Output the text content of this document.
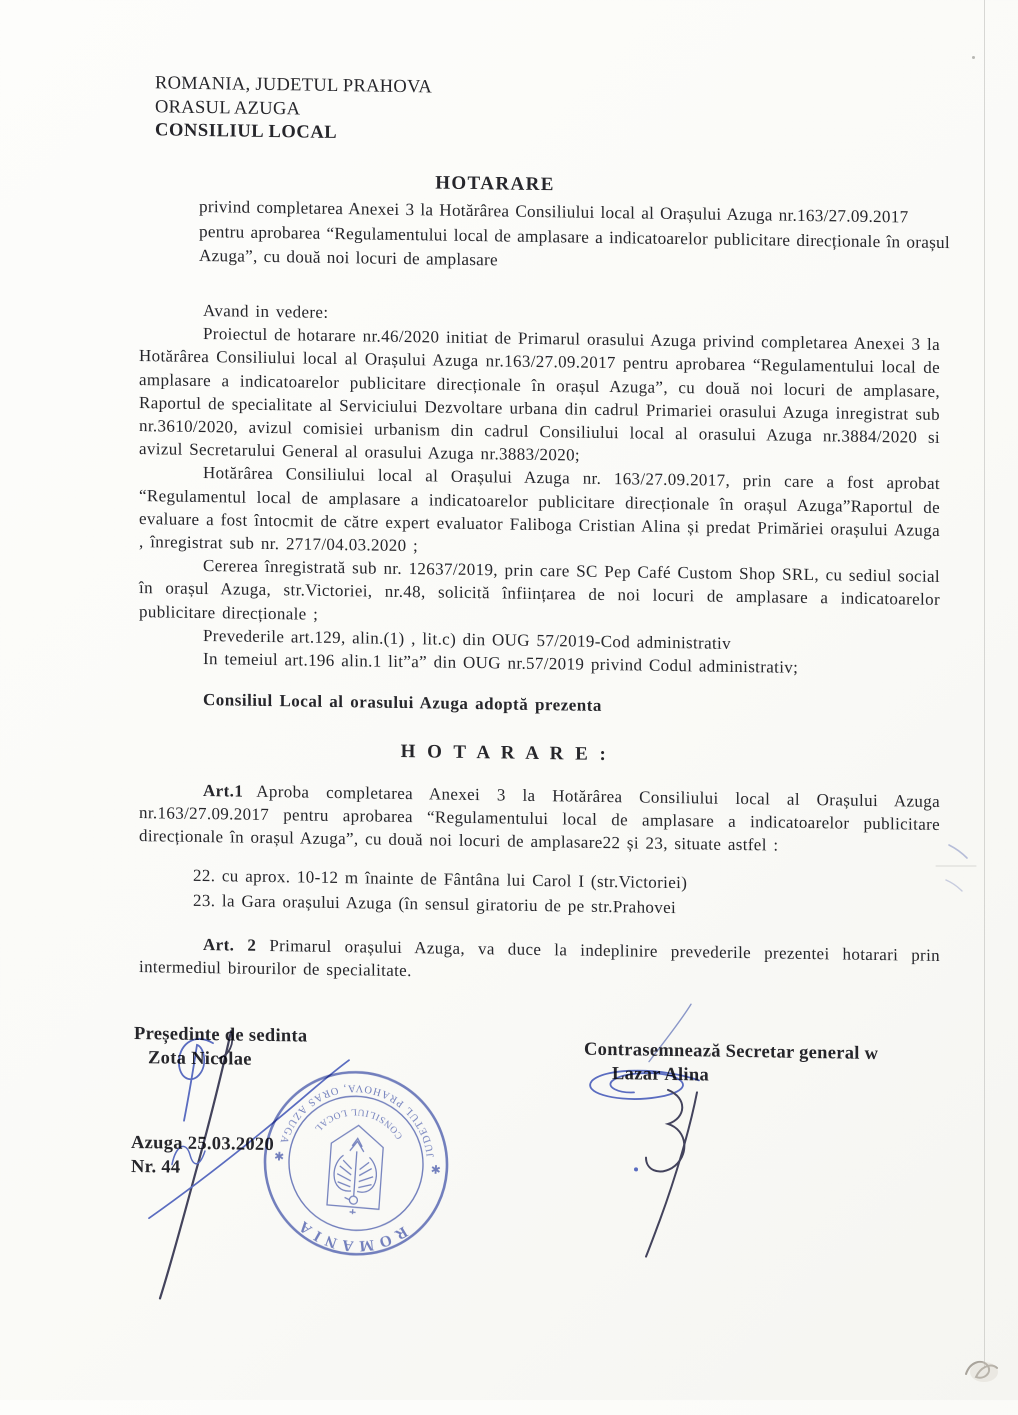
ROMANIA, JUDETUL PRAHOVA
ORASUL AZUGA
CONSILIUL LOCAL
HOTARARE
privind completarea Anexei 3 la Hotărârea Consiliului local al Orașului Azuga nr.163/27.09.2017 pentru aprobarea “Regulamentului local de amplasare a indicatoarelor publicitare direcționale în orașul Azuga”, cu două noi locuri de amplasare

Avand in vedere:

Proiectul de hotarare nr.46/2020 initiat de Primarul orasului Azuga privind completarea Anexei 3 la Hotărârea Consiliului local al Orașului Azuga nr.163/27.09.2017 pentru aprobarea “Regulamentului local de amplasare a indicatoarelor publicitare direcționale în orașul Azuga”, cu două noi locuri de amplasare, Raportul de specialitate al Serviciului Dezvoltare urbana din cadrul Primariei orasului Azuga inregistrat sub nr.3610/2020, avizul comisiei urbanism din cadrul Consiliului local al orasului Azuga nr.3884/2020 si avizul Secretarului General al orasului Azuga nr.3883/2020;

Hotărârea Consiliului local al Orașului Azuga nr. 163/27.09.2017, prin care a fost aprobat “Regulamentul local de amplasare a indicatoarelor publicitare direcționale în orașul Azuga”Raportul de evaluare a fost întocmit de către expert evaluator Faliboga Cristian Alina și predat Primăriei orașului Azuga , înregistrat sub nr. 2717/04.03.2020 ;

Cererea înregistrată sub nr. 12637/2019, prin care SC Pep Café Custom Shop SRL, cu sediul social în orașul Azuga, str.Victoriei, nr.48, solicită înființarea de noi locuri de amplasare a indicatoarelor publicitare direcționale ;

Prevederile art.129, alin.(1) , lit.c) din OUG 57/2019-Cod administrativ

In temeiul art.196 alin.1 lit”a” din OUG nr.57/2019 privind Codul administrativ;

Consiliul Local al orasului Azuga adoptă prezenta

H O T A R A R E :

Art.1 Aproba completarea Anexei 3 la Hotărârea Consiliului local al Orașului Azuga nr.163/27.09.2017 pentru aprobarea “Regulamentului local de amplasare a indicatoarelor publicitare direcționale în orașul Azuga”, cu două noi locuri de amplasare22 și 23, situate astfel :

22. cu aprox. 10-12 m înainte de Fântâna lui Carol I (str.Victoriei)
23. la Gara orașului Azuga (în sensul giratoriu de pe str.Prahovei

Art. 2 Primarul orașului Azuga, va duce la indeplinire prevederile prezentei hotarari prin intermediul birourilor de specialitate.

Președinte de sedinta
Zota Nicolae	Contrasemnează Secretar general w
Lazar Alina
Azuga 25.03.2020
Nr. 44
ROMANIA
JUDETUL PRAHOVA, ORAS AZUGA	CONSILIUL LOCAL
✱
✱
